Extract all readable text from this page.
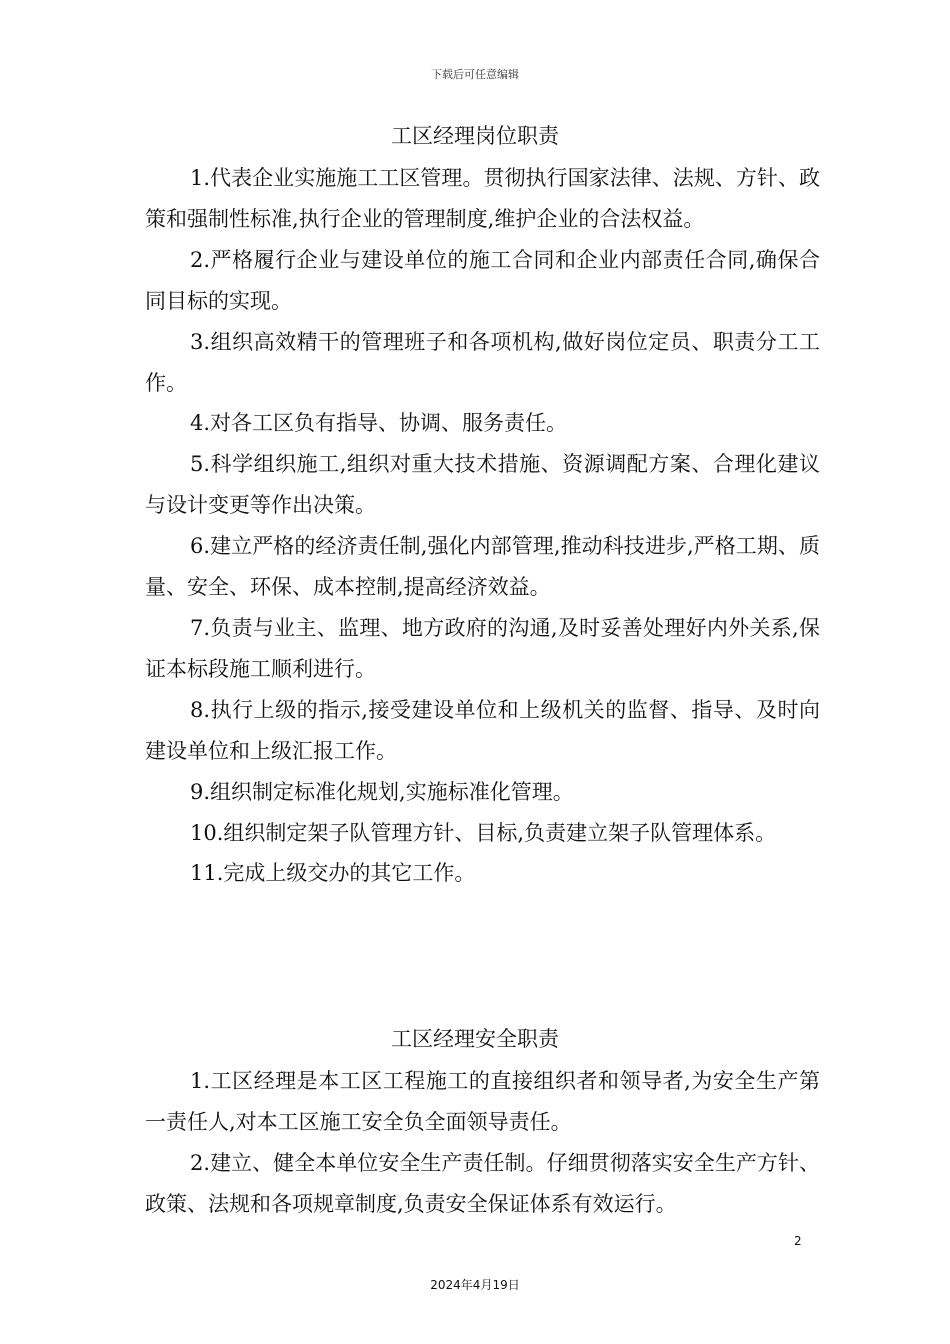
下载后可任意编辑
工区经理岗位职责

1.代表企业实施施工工区管理。贯彻执行国家法律、法规、方针、政策和强制性标准,执行企业的管理制度,维护企业的合法权益。

2.严格履行企业与建设单位的施工合同和企业内部责任合同,确保合同目标的实现。

3.组织高效精干的管理班子和各项机构,做好岗位定员、职责分工工作。

4.对各工区负有指导、协调、服务责任。

5.科学组织施工,组织对重大技术措施、资源调配方案、合理化建议与设计变更等作出决策。

6.建立严格的经济责任制,强化内部管理,推动科技进步,严格工期、质量、安全、环保、成本控制,提高经济效益。

7.负责与业主、监理、地方政府的沟通,及时妥善处理好内外关系,保证本标段施工顺利进行。

8.执行上级的指示,接受建设单位和上级机关的监督、指导、及时向建设单位和上级汇报工作。

9.组织制定标准化规划,实施标准化管理。

10.组织制定架子队管理方针、目标,负责建立架子队管理体系。

11.完成上级交办的其它工作。

工区经理安全职责

1.工区经理是本工区工程施工的直接组织者和领导者,为安全生产第一责任人,对本工区施工安全负全面领导责任。

2.建立、健全本单位安全生产责任制。仔细贯彻落实安全生产方针、政策、法规和各项规章制度,负责安全保证体系有效运行。

2
2024年4月19日
